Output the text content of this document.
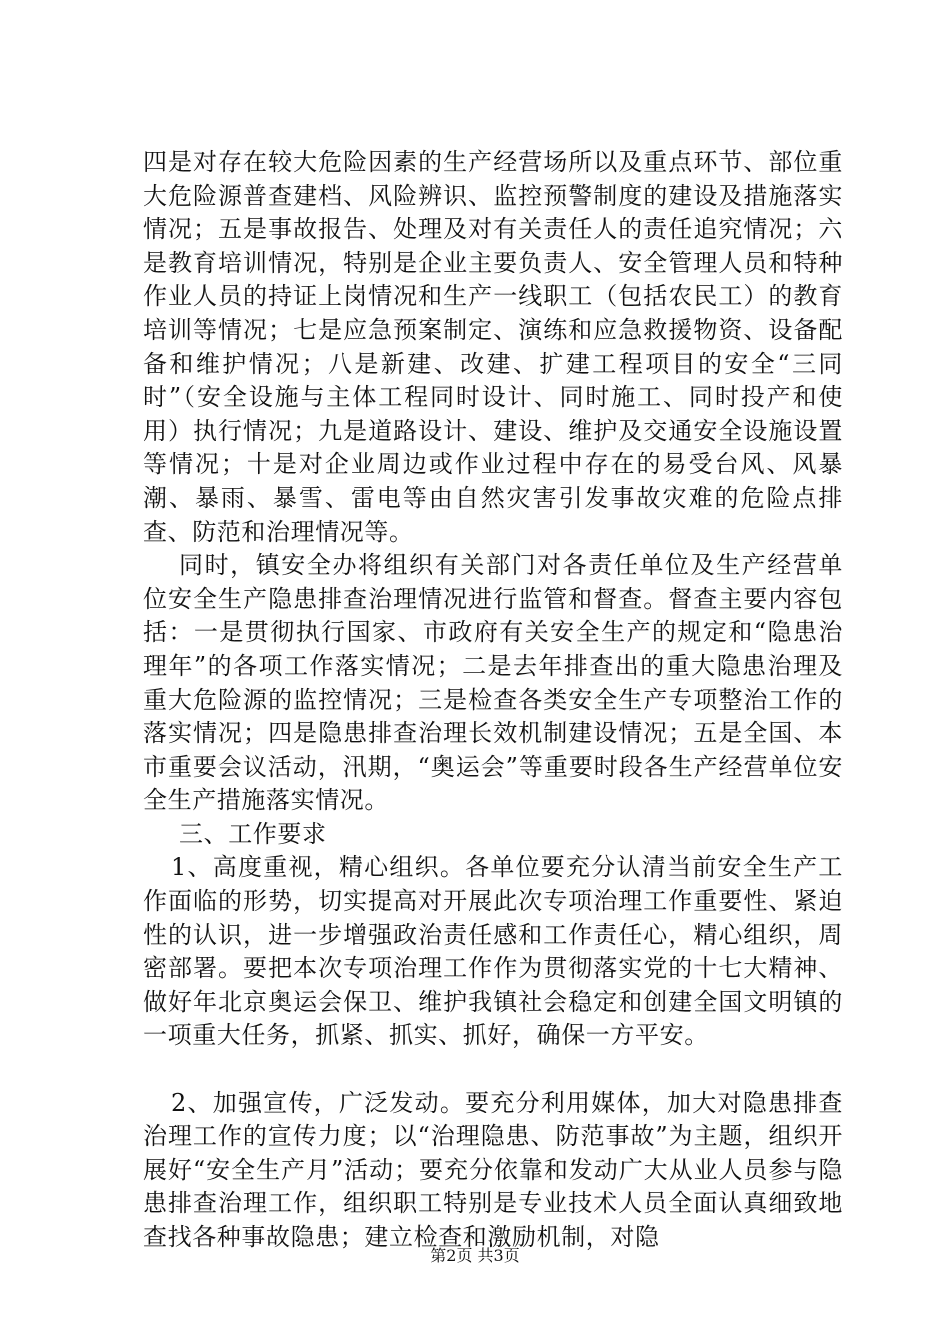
四是对存在较大危险因素的生产经营场所以及重点环节、部位重大危险源普查建档、风险辨识、监控预警制度的建设及措施落实情况；五是事故报告、处理及对有关责任人的责任追究情况；六是教育培训情况，特别是企业主要负责人、安全管理人员和特种作业人员的持证上岗情况和生产一线职工（包括农民工）的教育培训等情况；七是应急预案制定、演练和应急救援物资、设备配备和维护情况；八是新建、改建、扩建工程项目的安全“三同时”（安全设施与主体工程同时设计、同时施工、同时投产和使用）执行情况；九是道路设计、建设、维护及交通安全设施设置等情况；十是对企业周边或作业过程中存在的易受台风、风暴潮、暴雨、暴雪、雷电等由自然灾害引发事故灾难的危险点排查、防范和治理情况等。

同时，镇安全办将组织有关部门对各责任单位及生产经营单位安全生产隐患排查治理情况进行监管和督查。督查主要内容包括：一是贯彻执行国家、市政府有关安全生产的规定和“隐患治理年”的各项工作落实情况；二是去年排查出的重大隐患治理及重大危险源的监控情况；三是检查各类安全生产专项整治工作的落实情况；四是隐患排查治理长效机制建设情况；五是全国、本市重要会议活动，汛期，“奥运会”等重要时段各生产经营单位安全生产措施落实情况。

三、工作要求

1、高度重视，精心组织。各单位要充分认清当前安全生产工作面临的形势，切实提高对开展此次专项治理工作重要性、紧迫性的认识，进一步增强政治责任感和工作责任心，精心组织，周密部署。要把本次专项治理工作作为贯彻落实党的十七大精神、做好年北京奥运会保卫、维护我镇社会稳定和创建全国文明镇的一项重大任务，抓紧、抓实、抓好，确保一方平安。

2、加强宣传，广泛发动。要充分利用媒体，加大对隐患排查治理工作的宣传力度；以“治理隐患、防范事故”为主题，组织开展好“安全生产月”活动；要充分依靠和发动广大从业人员参与隐患排查治理工作，组织职工特别是专业技术人员全面认真细致地查找各种事故隐患；建立检查和激励机制，对隐

第2页 共3页
